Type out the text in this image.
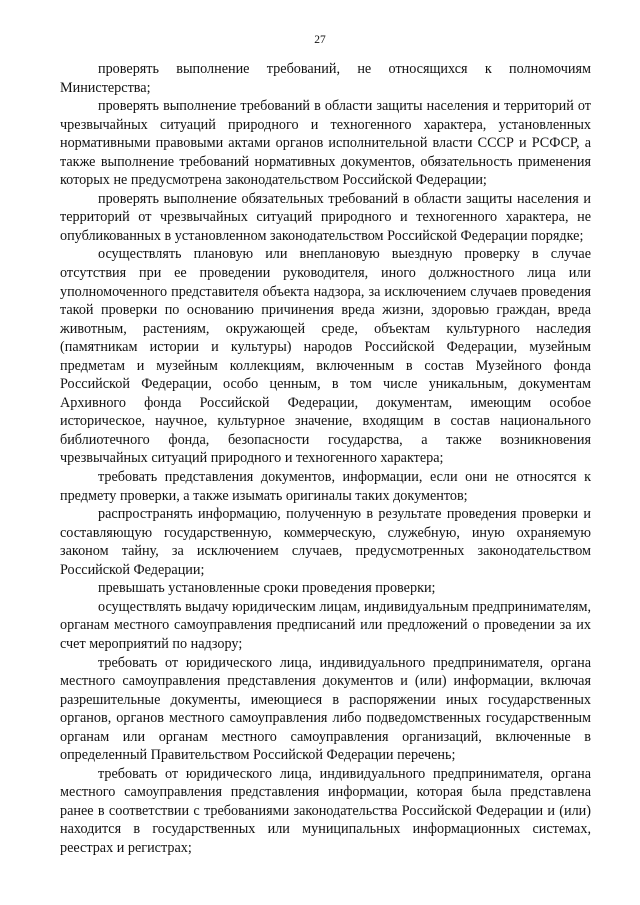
27

проверять выполнение требований, не относящихся к полномочиям Министерства;

проверять выполнение требований в области защиты населения и территорий от чрезвычайных ситуаций природного и техногенного характера, установленных нормативными правовыми актами органов исполнительной власти СССР и РСФСР, а также выполнение требований нормативных документов, обязательность применения которых не предусмотрена законодательством Российской Федерации;

проверять выполнение обязательных требований в области защиты населения и территорий от чрезвычайных ситуаций природного и техногенного характера, не опубликованных в установленном законодательством Российской Федерации порядке;

осуществлять плановую или внеплановую выездную проверку в случае отсутствия при ее проведении руководителя, иного должностного лица или уполномоченного представителя объекта надзора, за исключением случаев проведения такой проверки по основанию причинения вреда жизни, здоровью граждан, вреда животным, растениям, окружающей среде, объектам культурного наследия (памятникам истории и культуры) народов Российской Федерации, музейным предметам и музейным коллекциям, включенным в состав Музейного фонда Российской Федерации, особо ценным, в том числе уникальным, документам Архивного фонда Российской Федерации, документам, имеющим особое историческое, научное, культурное значение, входящим в состав национального библиотечного фонда, безопасности государства, а также возникновения чрезвычайных ситуаций природного и техногенного характера;

требовать представления документов, информации, если они не относятся к предмету проверки, а также изымать оригиналы таких документов;

распространять информацию, полученную в результате проведения проверки и составляющую государственную, коммерческую, служебную, иную охраняемую законом тайну, за исключением случаев, предусмотренных законодательством Российской Федерации;

превышать установленные сроки проведения проверки;

осуществлять выдачу юридическим лицам, индивидуальным предпринимателям, органам местного самоуправления предписаний или предложений о проведении за их счет мероприятий по надзору;

требовать от юридического лица, индивидуального предпринимателя, органа местного самоуправления представления документов и (или) информации, включая разрешительные документы, имеющиеся в распоряжении иных государственных органов, органов местного самоуправления либо подведомственных государственным органам или органам местного самоуправления организаций, включенные в определенный Правительством Российской Федерации перечень;

требовать от юридического лица, индивидуального предпринимателя, органа местного самоуправления представления информации, которая была представлена ранее в соответствии с требованиями законодательства Российской Федерации и (или) находится в государственных или муниципальных информационных системах, реестрах и регистрах;
